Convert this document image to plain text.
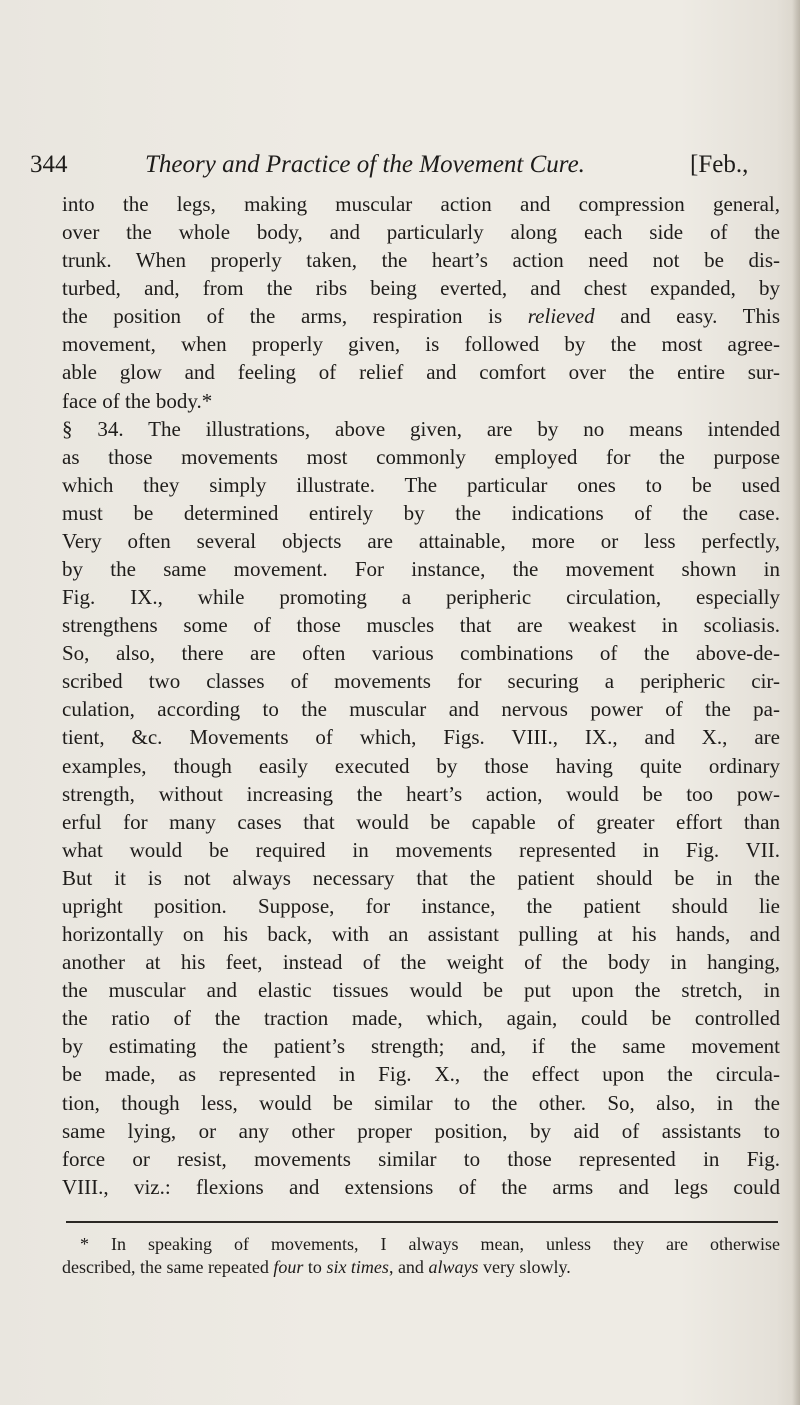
344	Theory and Practice of the Movement Cure.	[Feb.,
into the legs, making muscular action and compression general,
over the whole body, and particularly along each side of the
trunk. When properly taken, the heart’s action need not be dis-
turbed, and, from the ribs being everted, and chest expanded, by
the position of the arms, respiration is relieved and easy. This
movement, when properly given, is followed by the most agree-
able glow and feeling of relief and comfort over the entire sur-
face of the body.*
§ 34. The illustrations, above given, are by no means intended
as those movements most commonly employed for the purpose
which they simply illustrate. The particular ones to be used
must be determined entirely by the indications of the case.
Very often several objects are attainable, more or less perfectly,
by the same movement. For instance, the movement shown in
Fig. IX., while promoting a peripheric circulation, especially
strengthens some of those muscles that are weakest in scoliasis.
So, also, there are often various combinations of the above-de-
scribed two classes of movements for securing a peripheric cir-
culation, according to the muscular and nervous power of the pa-
tient, &c. Movements of which, Figs. VIII., IX., and X., are
examples, though easily executed by those having quite ordinary
strength, without increasing the heart’s action, would be too pow-
erful for many cases that would be capable of greater effort than
what would be required in movements represented in Fig. VII.
But it is not always necessary that the patient should be in the
upright position. Suppose, for instance, the patient should lie
horizontally on his back, with an assistant pulling at his hands, and
another at his feet, instead of the weight of the body in hanging,
the muscular and elastic tissues would be put upon the stretch, in
the ratio of the traction made, which, again, could be controlled
by estimating the patient’s strength; and, if the same movement
be made, as represented in Fig. X., the effect upon the circula-
tion, though less, would be similar to the other. So, also, in the
same lying, or any other proper position, by aid of assistants to
force or resist, movements similar to those represented in Fig.
VIII., viz.: flexions and extensions of the arms and legs could
* In speaking of movements, I always mean, unless they are otherwise
described, the same repeated four to six times, and always very slowly.
